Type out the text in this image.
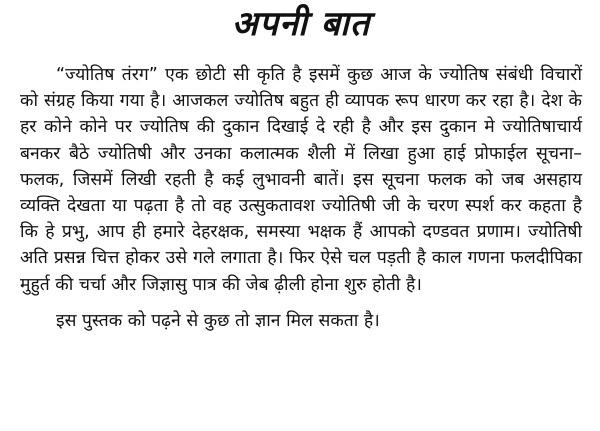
अपनी बात

“ज्योतिष तंरग” एक छोटी सी कृति है इसमें कुछ आज के ज्योतिष संबंधी विचारों को संग्रह किया गया है। आजकल ज्योतिष बहुत ही व्यापक रूप धारण कर रहा है। देश के हर कोने कोने पर ज्योतिष की दुकान दिखाई दे रही है और इस दुकान मे ज्योतिषाचार्य बनकर बैठे ज्योतिषी और उनका कलात्मक शैली में लिखा हुआ हाई प्रोफाईल सूचना–फलक, जिसमें लिखी रहती है कई लुभावनी बातें। इस सूचना फलक को जब असहाय व्यक्ति देखता या पढ़ता है तो वह उत्सुकतावश ज्योतिषी जी के चरण स्पर्श कर कहता है कि हे प्रभु, आप ही हमारे देहरक्षक, समस्या भक्षक हैं आपको दण्डवत प्रणाम। ज्योतिषी अति प्रसन्न चित्त होकर उसे गले लगाता है। फिर ऐसे चल पड़ती है काल गणना फलदीपिका मुहुर्त की चर्चा और जिज्ञासु पात्र की जेब ढ़ीली होना शुरु होती है।

इस पुस्तक को पढ़ने से कुछ तो ज्ञान मिल सकता है।
